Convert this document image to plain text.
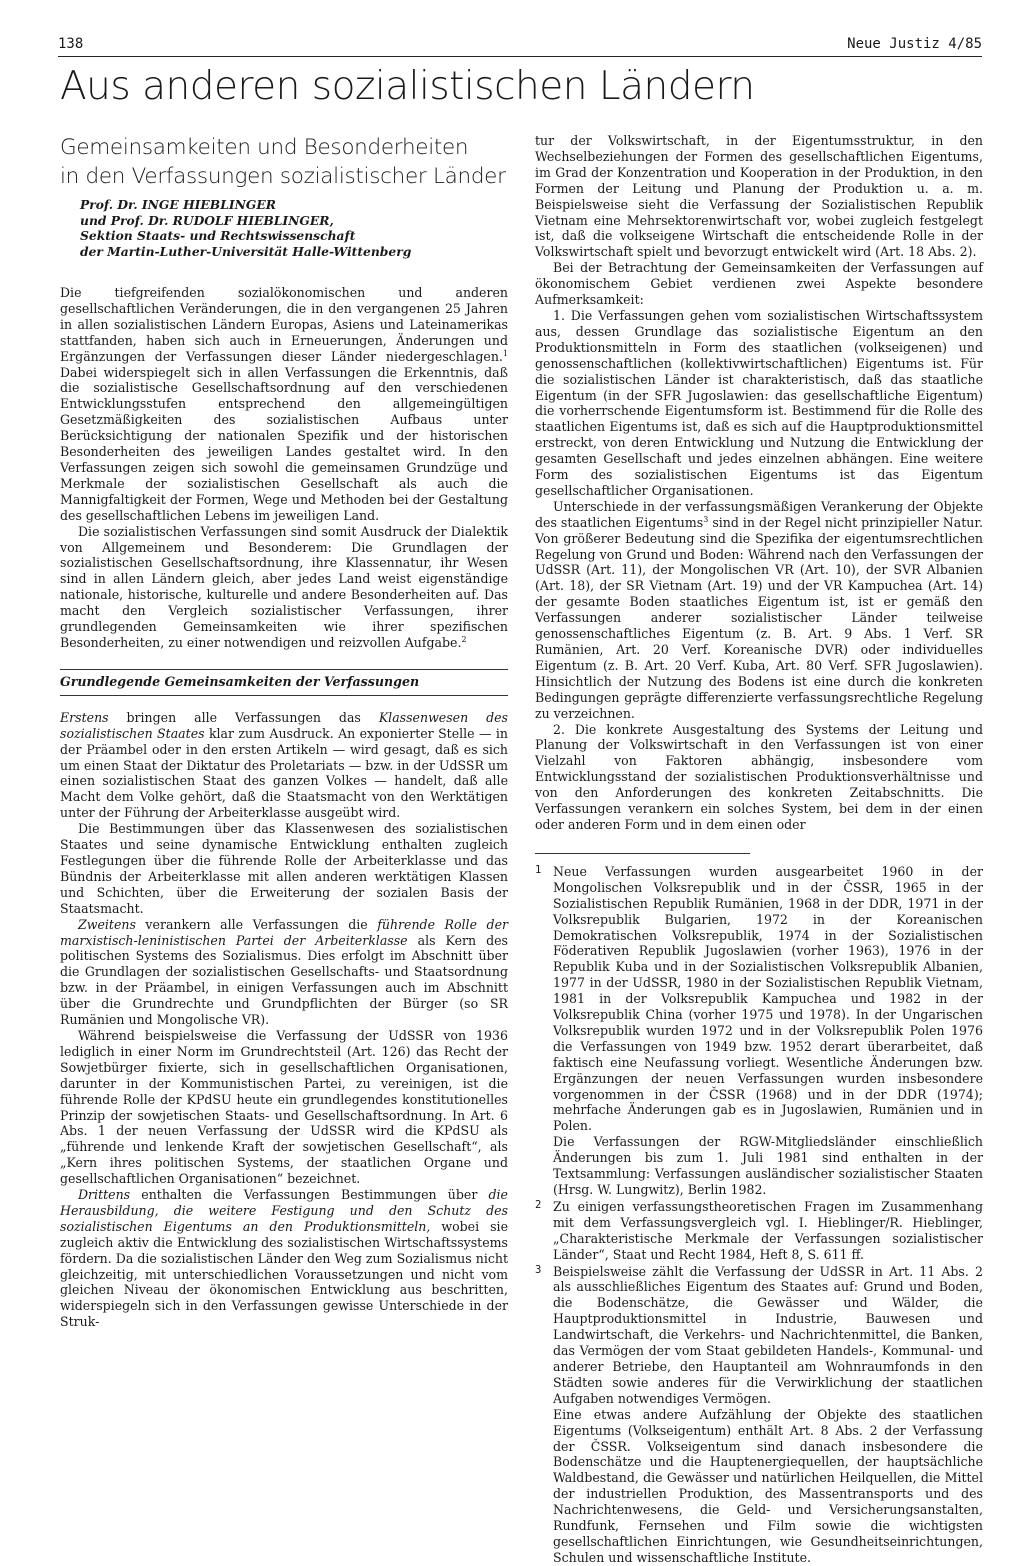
138	Neue Justiz 4/85
Aus anderen sozialistischen Ländern
Gemeinsamkeiten und Besonderheiten
in den Verfassungen sozialistischer Länder
Prof. Dr. INGE HIEBLINGER
und Prof. Dr. RUDOLF HIEBLINGER,
Sektion Staats- und Rechtswissenschaft
der Martin-Luther-Universität Halle-Wittenberg

Die tiefgreifenden sozialökonomischen und anderen gesellschaftlichen Veränderungen, die in den vergangenen 25 Jahren in allen sozialistischen Ländern Europas, Asiens und Lateinamerikas stattfanden, haben sich auch in Erneuerungen, Änderungen und Ergänzungen der Verfassungen dieser Länder niedergeschlagen.$^1$ Dabei widerspiegelt sich in allen Verfassungen die Erkenntnis, daß die sozialistische Gesellschaftsordnung auf den verschiedenen Entwicklungsstufen entsprechend den allgemeingültigen Gesetzmäßigkeiten des sozialistischen Aufbaus unter Berücksichtigung der nationalen Spezifik und der historischen Besonderheiten des jeweiligen Landes gestaltet wird. In den Verfassungen zeigen sich sowohl die gemeinsamen Grundzüge und Merkmale der sozialistischen Gesellschaft als auch die Mannigfaltigkeit der Formen, Wege und Methoden bei der Gestaltung des gesellschaftlichen Lebens im jeweiligen Land.

Die sozialistischen Verfassungen sind somit Ausdruck der Dialektik von Allgemeinem und Besonderem: Die Grundlagen der sozialistischen Gesellschaftsordnung, ihre Klassennatur, ihr Wesen sind in allen Ländern gleich, aber jedes Land weist eigenständige nationale, historische, kulturelle und andere Besonderheiten auf. Das macht den Vergleich sozialistischer Verfassungen, ihrer grundlegenden Gemeinsamkeiten wie ihrer spezifischen Besonderheiten, zu einer notwendigen und reizvollen Aufgabe.$^2$

Grundlegende Gemeinsamkeiten der Verfassungen

Erstens bringen alle Verfassungen das Klassenwesen des sozialistischen Staates klar zum Ausdruck. An exponierter Stelle — in der Präambel oder in den ersten Artikeln — wird gesagt, daß es sich um einen Staat der Diktatur des Proletariats — bzw. in der UdSSR um einen sozialistischen Staat des ganzen Volkes — handelt, daß alle Macht dem Volke gehört, daß die Staatsmacht von den Werktätigen unter der Führung der Arbeiterklasse ausgeübt wird.

Die Bestimmungen über das Klassenwesen des sozialistischen Staates und seine dynamische Entwicklung enthalten zugleich Festlegungen über die führende Rolle der Arbeiterklasse und das Bündnis der Arbeiterklasse mit allen anderen werktätigen Klassen und Schichten, über die Erweiterung der sozialen Basis der Staatsmacht.

Zweitens verankern alle Verfassungen die führende Rolle der marxistisch-leninistischen Partei der Arbeiterklasse als Kern des politischen Systems des Sozialismus. Dies erfolgt im Abschnitt über die Grundlagen der sozialistischen Gesellschafts- und Staatsordnung bzw. in der Präambel, in einigen Verfassungen auch im Abschnitt über die Grundrechte und Grundpflichten der Bürger (so SR Rumänien und Mongolische VR).

Während beispielsweise die Verfassung der UdSSR von 1936 lediglich in einer Norm im Grundrechtsteil (Art. 126) das Recht der Sowjetbürger fixierte, sich in gesellschaftlichen Organisationen, darunter in der Kommunistischen Partei, zu vereinigen, ist die führende Rolle der KPdSU heute ein grundlegendes konstitutionelles Prinzip der sowjetischen Staats- und Gesellschaftsordnung. In Art. 6 Abs. 1 der neuen Verfassung der UdSSR wird die KPdSU als „führende und lenkende Kraft der sowjetischen Gesellschaft“, als „Kern ihres politischen Systems, der staatlichen Organe und gesellschaftlichen Organisationen“ bezeichnet.

Drittens enthalten die Verfassungen Bestimmungen über die Herausbildung, die weitere Festigung und den Schutz des sozialistischen Eigentums an den Produktionsmitteln, wobei sie zugleich aktiv die Entwicklung des sozialistischen Wirtschaftssystems fördern. Da die sozialistischen Länder den Weg zum Sozialismus nicht gleichzeitig, mit unterschiedlichen Voraussetzungen und nicht vom gleichen Niveau der ökonomischen Entwicklung aus beschritten, widerspiegeln sich in den Verfassungen gewisse Unterschiede in der Struk-

tur der Volkswirtschaft, in der Eigentumsstruktur, in den Wechselbeziehungen der Formen des gesellschaftlichen Eigentums, im Grad der Konzentration und Kooperation in der Produktion, in den Formen der Leitung und Planung der Produktion u. a. m. Beispielsweise sieht die Verfassung der Sozialistischen Republik Vietnam eine Mehrsektorenwirtschaft vor, wobei zugleich festgelegt ist, daß die volkseigene Wirtschaft die entscheidende Rolle in der Volkswirtschaft spielt und bevorzugt entwickelt wird (Art. 18 Abs. 2).

Bei der Betrachtung der Gemeinsamkeiten der Verfassungen auf ökonomischem Gebiet verdienen zwei Aspekte besondere Aufmerksamkeit:

1. Die Verfassungen gehen vom sozialistischen Wirtschaftssystem aus, dessen Grundlage das sozialistische Eigentum an den Produktionsmitteln in Form des staatlichen (volkseigenen) und genossenschaftlichen (kollektivwirtschaftlichen) Eigentums ist. Für die sozialistischen Länder ist charakteristisch, daß das staatliche Eigentum (in der SFR Jugoslawien: das gesellschaftliche Eigentum) die vorherrschende Eigentumsform ist. Bestimmend für die Rolle des staatlichen Eigentums ist, daß es sich auf die Hauptproduktionsmittel erstreckt, von deren Entwicklung und Nutzung die Entwicklung der gesamten Gesellschaft und jedes einzelnen abhängen. Eine weitere Form des sozialistischen Eigentums ist das Eigentum gesellschaftlicher Organisationen.

Unterschiede in der verfassungsmäßigen Verankerung der Objekte des staatlichen Eigentums$^3$ sind in der Regel nicht prinzipieller Natur. Von größerer Bedeutung sind die Spezifika der eigentumsrechtlichen Regelung von Grund und Boden: Während nach den Verfassungen der UdSSR (Art. 11), der Mongolischen VR (Art. 10), der SVR Albanien (Art. 18), der SR Vietnam (Art. 19) und der VR Kampuchea (Art. 14) der gesamte Boden staatliches Eigentum ist, ist er gemäß den Verfassungen anderer sozialistischer Länder teilweise genossenschaftliches Eigentum (z. B. Art. 9 Abs. 1 Verf. SR Rumänien, Art. 20 Verf. Koreanische DVR) oder individuelles Eigentum (z. B. Art. 20 Verf. Kuba, Art. 80 Verf. SFR Jugoslawien). Hinsichtlich der Nutzung des Bodens ist eine durch die konkreten Bedingungen geprägte differenzierte verfassungsrechtliche Regelung zu verzeichnen.

2. Die konkrete Ausgestaltung des Systems der Leitung und Planung der Volkswirtschaft in den Verfassungen ist von einer Vielzahl von Faktoren abhängig, insbesondere vom Entwicklungsstand der sozialistischen Produktionsverhältnisse und von den Anforderungen des konkreten Zeitabschnitts. Die Verfassungen verankern ein solches System, bei dem in der einen oder anderen Form und in dem einen oder

1 Neue Verfassungen wurden ausgearbeitet 1960 in der Mongolischen Volksrepublik und in der ČSSR, 1965 in der Sozialistischen Republik Rumänien, 1968 in der DDR, 1971 in der Volksrepublik Bulgarien, 1972 in der Koreanischen Demokratischen Volksrepublik, 1974 in der Sozialistischen Föderativen Republik Jugoslawien (vorher 1963), 1976 in der Republik Kuba und in der Sozialistischen Volksrepublik Albanien, 1977 in der UdSSR, 1980 in der Sozialistischen Republik Vietnam, 1981 in der Volksrepublik Kampuchea und 1982 in der Volksrepublik China (vorher 1975 und 1978). In der Ungarischen Volksrepublik wurden 1972 und in der Volksrepublik Polen 1976 die Verfassungen von 1949 bzw. 1952 derart überarbeitet, daß faktisch eine Neufassung vorliegt. Wesentliche Änderungen bzw. Ergänzungen der neuen Verfassungen wurden insbesondere vorgenommen in der ČSSR (1968) und in der DDR (1974); mehrfache Änderungen gab es in Jugoslawien, Rumänien und in Polen.

Die Verfassungen der RGW-Mitgliedsländer einschließlich Änderungen bis zum 1. Juli 1981 sind enthalten in der Textsammlung: Verfassungen ausländischer sozialistischer Staaten (Hrsg. W. Lungwitz), Berlin 1982.

2 Zu einigen verfassungstheoretischen Fragen im Zusammenhang mit dem Verfassungsvergleich vgl. I. Hieblinger/R. Hieblinger, „Charakteristische Merkmale der Verfassungen sozialistischer Länder“, Staat und Recht 1984, Heft 8, S. 611 ff.

3 Beispielsweise zählt die Verfassung der UdSSR in Art. 11 Abs. 2 als ausschließliches Eigentum des Staates auf: Grund und Boden, die Bodenschätze, die Gewässer und Wälder, die Hauptproduktionsmittel in Industrie, Bauwesen und Landwirtschaft, die Verkehrs- und Nachrichtenmittel, die Banken, das Vermögen der vom Staat gebildeten Handels-, Kommunal- und anderer Betriebe, den Hauptanteil am Wohnraumfonds in den Städten sowie anderes für die Verwirklichung der staatlichen Aufgaben notwendiges Vermögen.

Eine etwas andere Aufzählung der Objekte des staatlichen Eigentums (Volkseigentum) enthält Art. 8 Abs. 2 der Verfassung der ČSSR. Volkseigentum sind danach insbesondere die Bodenschätze und die Hauptenergiequellen, der hauptsächliche Waldbestand, die Gewässer und natürlichen Heilquellen, die Mittel der industriellen Produktion, des Massentransports und des Nachrichtenwesens, die Geld- und Versicherungsanstalten, Rundfunk, Fernsehen und Film sowie die wichtigsten gesellschaftlichen Einrichtungen, wie Gesundheitseinrichtungen, Schulen und wissenschaftliche Institute.
